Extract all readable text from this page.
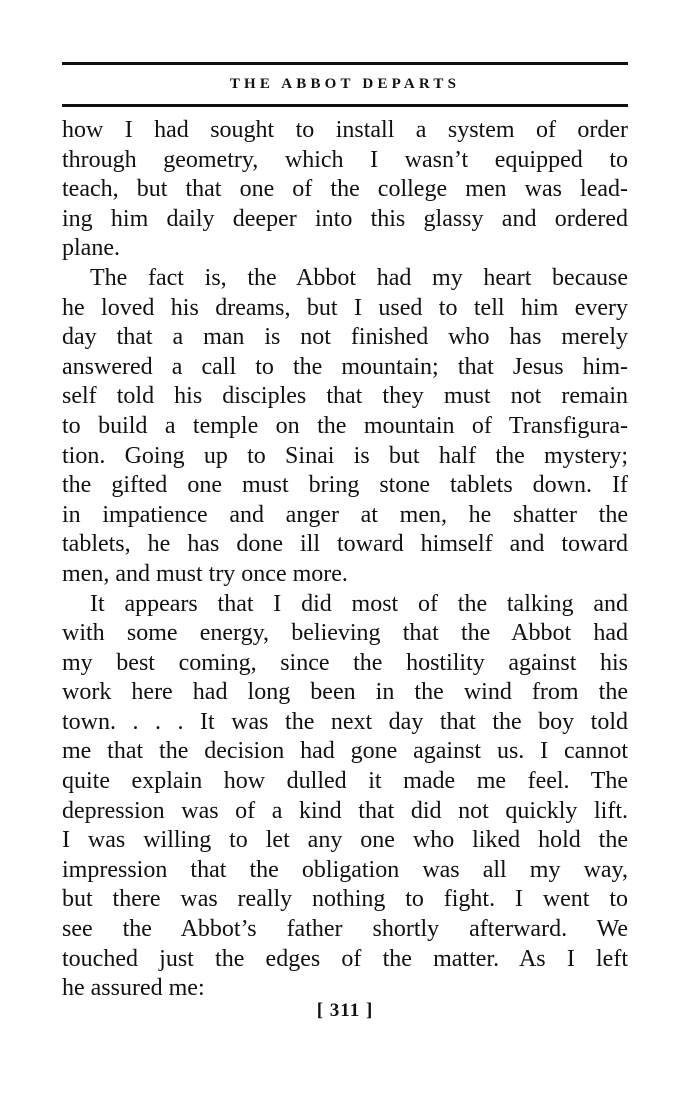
THE ABBOT DEPARTS
how I had sought to install a system of order
through geometry, which I wasn’t equipped to
teach, but that one of the college men was lead-
ing him daily deeper into this glassy and ordered
plane.
The fact is, the Abbot had my heart because
he loved his dreams, but I used to tell him every
day that a man is not finished who has merely
answered a call to the mountain; that Jesus him-
self told his disciples that they must not remain
to build a temple on the mountain of Transfigura-
tion. Going up to Sinai is but half the mystery;
the gifted one must bring stone tablets down. If
in impatience and anger at men, he shatter the
tablets, he has done ill toward himself and toward
men, and must try once more.
It appears that I did most of the talking and
with some energy, believing that the Abbot had
my best coming, since the hostility against his
work here had long been in the wind from the
town. . . . It was the next day that the boy told
me that the decision had gone against us. I cannot
quite explain how dulled it made me feel. The
depression was of a kind that did not quickly lift.
I was willing to let any one who liked hold the
impression that the obligation was all my way,
but there was really nothing to fight. I went to
see the Abbot’s father shortly afterward. We
touched just the edges of the matter. As I left
he assured me:
[ 311 ]
